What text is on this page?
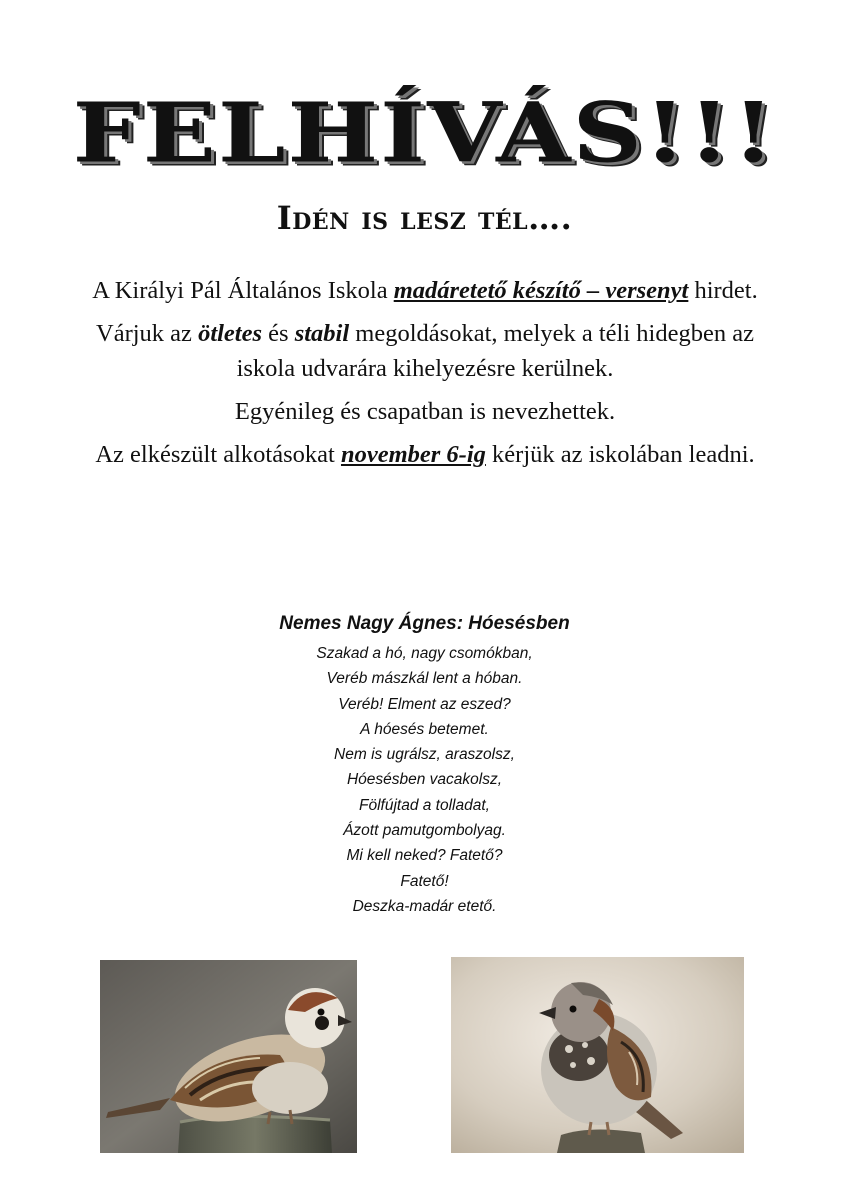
FELHÍVÁS!!!
Idén is lesz tél….

A Királyi Pál Általános Iskola madáretető készítő – versenyt hirdet.

Várjuk az ötletes és stabil megoldásokat, melyek a téli hidegben az iskola udvarára kihelyezésre kerülnek.

Egyénileg és csapatban is nevezhettek.

Az elkészült alkotásokat november 6-ig kérjük az iskolában leadni.

Nemes Nagy Ágnes: Hóesésben
Szakad a hó, nagy csomókban,
Veréb mászkál lent a hóban.
Veréb! Elment az eszed?
A hóesés betemet.
Nem is ugrálsz, araszolsz,
Hóesésben vacakolsz,
Fölfújtad a tolladat,
Ázott pamutgombolyag.
Mi kell neked? Fatető?
Fatető!
Deszka-madár etető.
